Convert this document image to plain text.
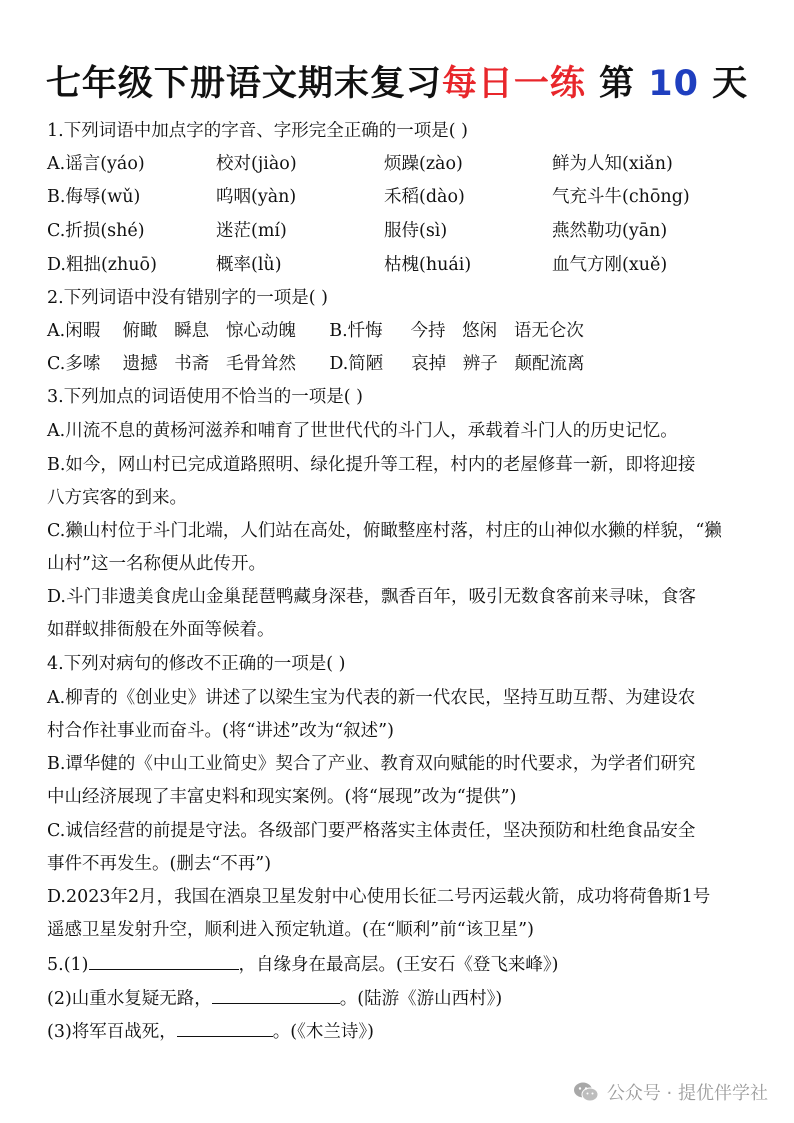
七年级下册语文期末复习每日一练 第 10 天
1.下列词语中加点字的字音、字形完全正确的一项是( )
A.谣言(yáo)	校对(jiào)	烦躁(zào)	鲜为人知(xiǎn)
B.侮辱(wǔ)	呜咽(yàn)	禾稻(dào)	气充斗牛(chōng)
C.折损(shé)	迷茫(mí)	服侍(sì)	燕然勒功(yān)
D.粗拙(zhuō)	概率(lǜ)	枯槐(huái)	血气方刚(xuě)
2.下列词语中没有错别字的一项是( )
A.闲暇    俯瞰   瞬息   惊心动魄      B.忏悔     今持   悠闲   语无仑次
C.多嗦    遗撼   书斋   毛骨耸然      D.简陋     哀掉   辨子   颠配流离
3.下列加点的词语使用不恰当的一项是( )
A.川流不息的黄杨河滋养和哺育了世世代代的斗门人，承载着斗门人的历史记忆。
B.如今，网山村已完成道路照明、绿化提升等工程，村内的老屋修葺一新，即将迎接
八方宾客的到来。
C.獭山村位于斗门北端，人们站在高处，俯瞰整座村落，村庄的山神似水獭的样貌，“獭
山村”这一名称便从此传开。
D.斗门非遗美食虎山金巢琵琶鸭藏身深巷，飘香百年，吸引无数食客前来寻味，食客
如群蚁排衙般在外面等候着。
4.下列对病句的修改不正确的一项是( )
A.柳青的《创业史》讲述了以梁生宝为代表的新一代农民，坚持互助互帮、为建设农
村合作社事业而奋斗。(将“讲述”改为“叙述”)
B.谭华健的《中山工业简史》契合了产业、教育双向赋能的时代要求，为学者们研究
中山经济展现了丰富史料和现实案例。(将“展现”改为“提供”)
C.诚信经营的前提是守法。各级部门要严格落实主体责任，坚决预防和杜绝食品安全
事件不再发生。(删去“不再”)
D.2023年2月，我国在酒泉卫星发射中心使用长征二号丙运载火箭，成功将荷鲁斯1号
遥感卫星发射升空，顺利进入预定轨道。(在“顺利”前“该卫星”)
5.(1)	，自缘身在最高层。(王安石《登飞来峰》)
(2)山重水复疑无路，	。(陆游《游山西村》)
(3)将军百战死，	。(《木兰诗》)
公众号 · 提优伴学社
